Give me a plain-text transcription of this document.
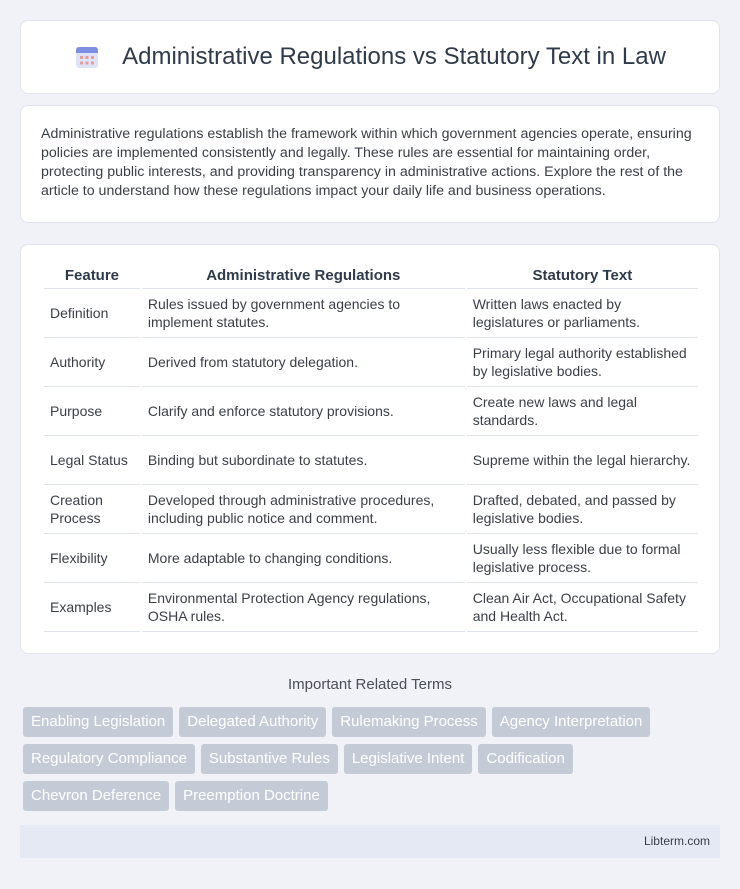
Administrative Regulations vs Statutory Text in Law

Administrative regulations establish the framework within which government agencies operate, ensuring policies are implemented consistently and legally. These rules are essential for maintaining order, protecting public interests, and providing transparency in administrative actions. Explore the rest of the article to understand how these regulations impact your daily life and business operations.

Feature	Administrative Regulations	Statutory Text
Definition	Rules issued by government agencies to implement statutes.	Written laws enacted by legislatures or parliaments.
Authority	Derived from statutory delegation.	Primary legal authority established by legislative bodies.
Purpose	Clarify and enforce statutory provisions.	Create new laws and legal standards.
Legal Status	Binding but subordinate to statutes.	Supreme within the legal hierarchy.
Creation Process	Developed through administrative procedures, including public notice and comment.	Drafted, debated, and passed by legislative bodies.
Flexibility	More adaptable to changing conditions.	Usually less flexible due to formal legislative process.
Examples	Environmental Protection Agency regulations, OSHA rules.	Clean Air Act, Occupational Safety and Health Act.
Important Related Terms
Enabling Legislation	Delegated Authority	Rulemaking Process	Agency Interpretation
Regulatory Compliance	Substantive Rules	Legislative Intent	Codification
Chevron Deference	Preemption Doctrine
Libterm.com
